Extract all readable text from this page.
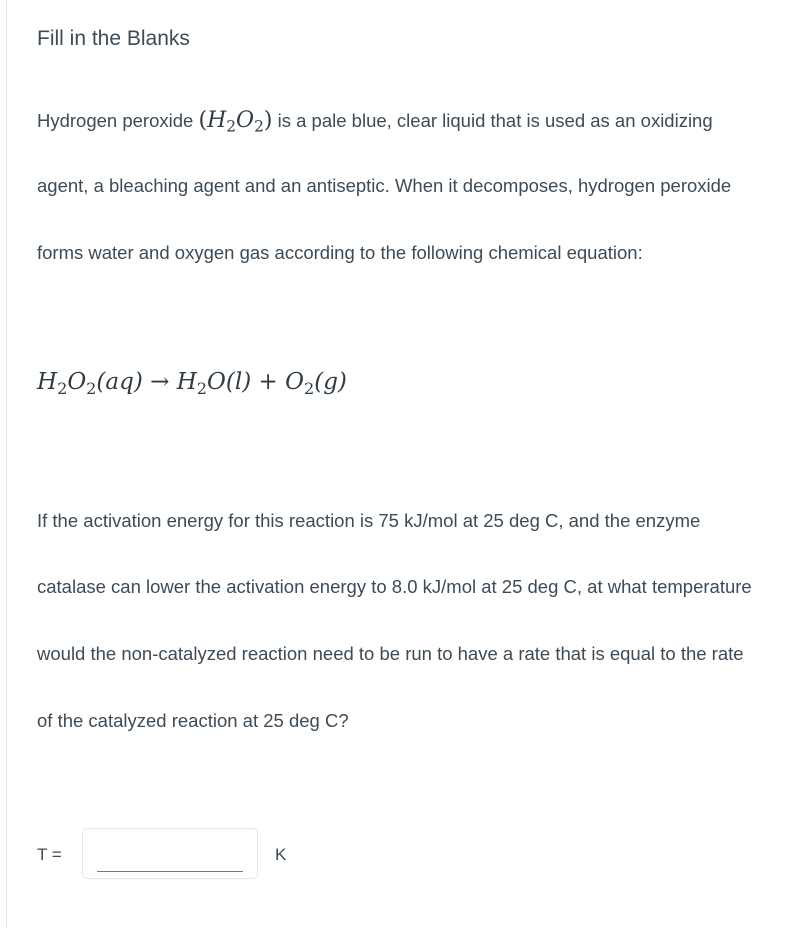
Fill in the Blanks
Hydrogen peroxide $(H_2O_2)$ is a pale blue, clear liquid that is used as an oxidizing
agent, a bleaching agent and an antiseptic. When it decomposes, hydrogen peroxide
forms water and oxygen gas according to the following chemical equation:
$H_2O_2(aq) \to H_2O(l) + O_2(g)$
If the activation energy for this reaction is 75 kJ/mol at 25 deg C, and the enzyme
catalase can lower the activation energy to 8.0 kJ/mol at 25 deg C, at what temperature
would the non-catalyzed reaction need to be run to have a rate that is equal to the rate
of the catalyzed reaction at 25 deg C?
T =	K
